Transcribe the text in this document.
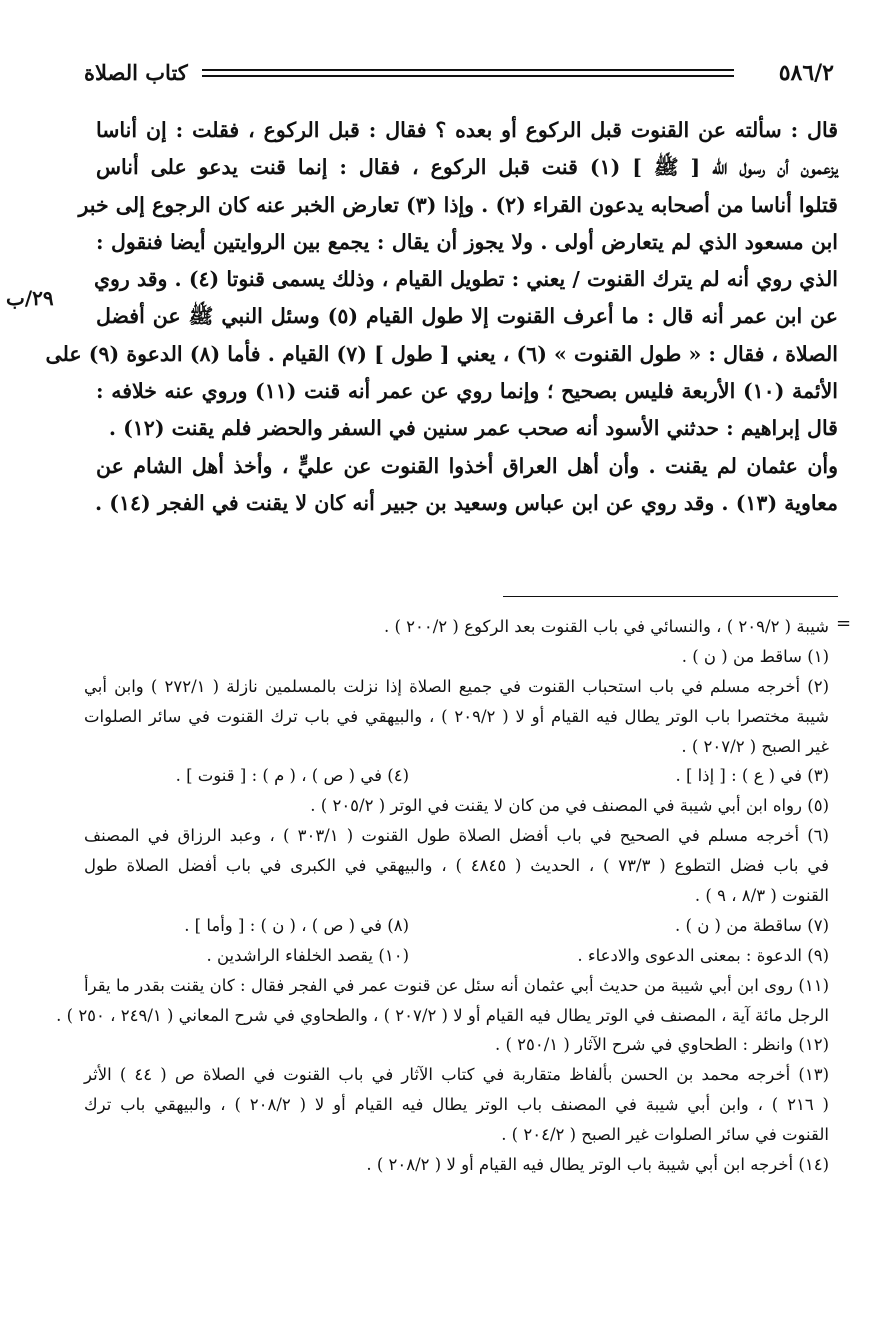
٥٨٦/٢
كتاب الصلاة
٢٩/ب
قال : سألته عن القنوت قبل الركوع أو بعده ؟ فقال : قبل الركوع ، فقلت : إن أناسا
يزعمون أن رسول اللّٰه [ ﷺ ] (١) قنت قبل الركوع ، فقال : إنما قنت يدعو على أناس
قتلوا أناسا من أصحابه يدعون القراء (٢) . وإذا (٣) تعارض الخبر عنه كان الرجوع إلى خبر
ابن مسعود الذي لم يتعارض أولى . ولا يجوز أن يقال : يجمع بين الروايتين أيضا فنقول :
الذي روي أنه لم يترك القنوت / يعني : تطويل القيام ، وذلك يسمى قنوتا (٤) . وقد روي
عن ابن عمر أنه قال : ما أعرف القنوت إلا طول القيام (٥) وسئل النبي ﷺ عن أفضل
الصلاة ، فقال : « طول القنوت » (٦) ، يعني [ طول ] (٧) القيام . فأما (٨) الدعوة (٩) على
الأئمة (١٠) الأربعة فليس بصحيح ؛ وإنما روي عن عمر أنه قنت (١١) وروي عنه خلافه :
قال إبراهيم : حدثني الأسود أنه صحب عمر سنين في السفر والحضر فلم يقنت (١٢) .
وأن عثمان لم يقنت . وأن أهل العراق أخذوا القنوت عن عليٍّ ، وأخذ أهل الشام عن
معاوية (١٣) . وقد روي عن ابن عباس وسعيد بن جبير أنه كان لا يقنت في الفجر (١٤) .
=
شيبة ( ٢٠٩/٢ ) ، والنسائي في باب القنوت بعد الركوع ( ٢٠٠/٢ ) .
(١) ساقط من ( ن ) .
(٢) أخرجه مسلم في باب استحباب القنوت في جميع الصلاة إذا نزلت بالمسلمين نازلة ( ٢٧٢/١ ) وابن أبي
شيبة مختصرا باب الوتر يطال فيه القيام أو لا ( ٢٠٩/٢ ) ، والبيهقي في باب ترك القنوت في سائر الصلوات
غير الصبح ( ٢٠٧/٢ ) .
(٣) في ( ع ) : [ إذا ] .
(٤) في ( ص ) ، ( م ) : [ قنوت ] .
(٥) رواه ابن أبي شيبة في المصنف في من كان لا يقنت في الوتر ( ٢٠٥/٢ ) .
(٦) أخرجه مسلم في الصحيح في باب أفضل الصلاة طول القنوت ( ٣٠٣/١ ) ، وعبد الرزاق في المصنف
في باب فضل التطوع ( ٧٣/٣ ) ، الحديث ( ٤٨٤٥ ) ، والبيهقي في الكبرى في باب أفضل الصلاة طول
القنوت ( ٨/٣ ، ٩ ) .
(٧) ساقطة من ( ن ) .
(٨) في ( ص ) ، ( ن ) : [ وأما ] .
(٩) الدعوة : بمعنى الدعوى والادعاء .
(١٠) يقصد الخلفاء الراشدين .
(١١) روى ابن أبي شيبة من حديث أبي عثمان أنه سئل عن قنوت عمر في الفجر فقال : كان يقنت بقدر ما يقرأ
الرجل مائة آية ، المصنف في الوتر يطال فيه القيام أو لا ( ٢٠٧/٢ ) ، والطحاوي في شرح المعاني ( ٢٤٩/١ ، ٢٥٠ ) .
(١٢) وانظر : الطحاوي في شرح الآثار ( ٢٥٠/١ ) .
(١٣) أخرجه محمد بن الحسن بألفاظ متقاربة في كتاب الآثار في باب القنوت في الصلاة ص ( ٤٤ ) الأثر
( ٢١٦ ) ، وابن أبي شيبة في المصنف باب الوتر يطال فيه القيام أو لا ( ٢٠٨/٢ ) ، والبيهقي باب ترك
القنوت في سائر الصلوات غير الصبح ( ٢٠٤/٢ ) .
(١٤) أخرجه ابن أبي شيبة باب الوتر يطال فيه القيام أو لا ( ٢٠٨/٢ ) .
